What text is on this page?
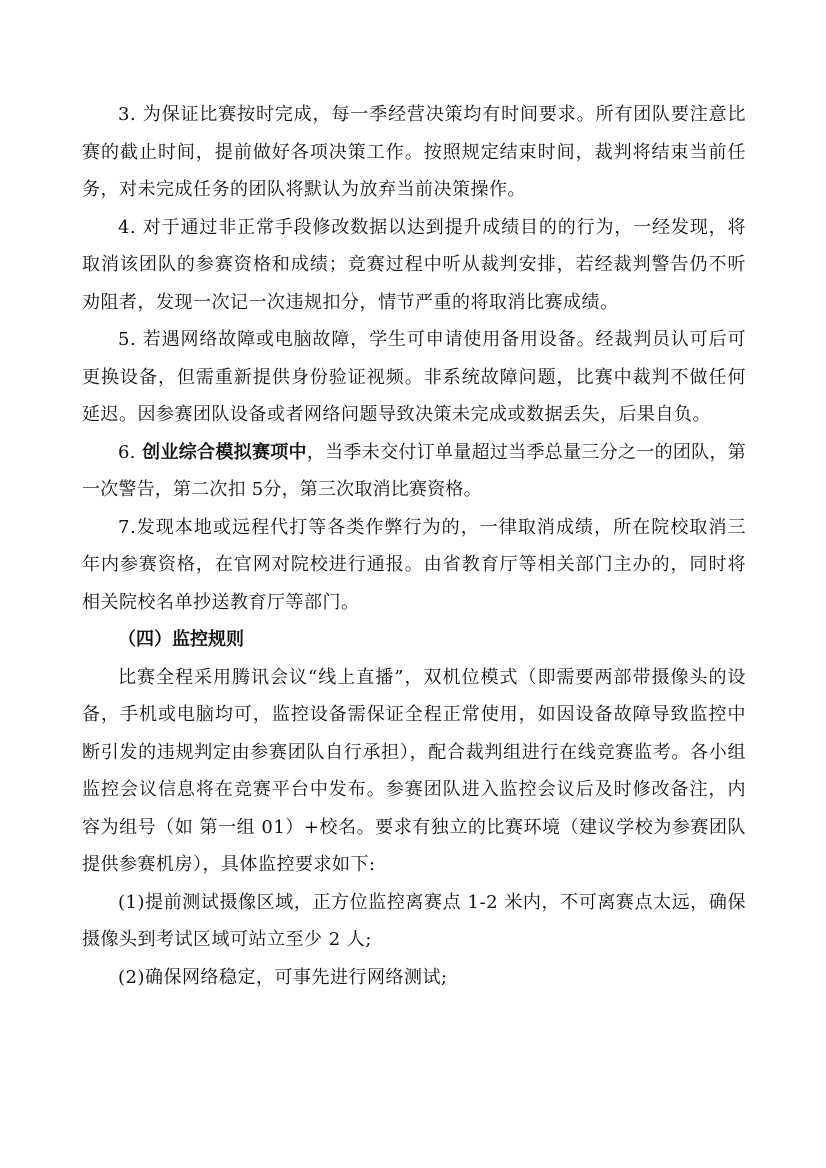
3. 为保证比赛按时完成，每一季经营决策均有时间要求。所有团队要注意比赛的截止时间，提前做好各项决策工作。按照规定结束时间，裁判将结束当前任务，对未完成任务的团队将默认为放弃当前决策操作。

4. 对于通过非正常手段修改数据以达到提升成绩目的的行为，一经发现，将取消该团队的参赛资格和成绩；竞赛过程中听从裁判安排，若经裁判警告仍不听劝阻者，发现一次记一次违规扣分，情节严重的将取消比赛成绩。

5. 若遇网络故障或电脑故障，学生可申请使用备用设备。经裁判员认可后可更换设备，但需重新提供身份验证视频。非系统故障问题，比赛中裁判不做任何延迟。因参赛团队设备或者网络问题导致决策未完成或数据丢失，后果自负。

6. 创业综合模拟赛项中，当季未交付订单量超过当季总量三分之一的团队，第一次警告，第二次扣 5分，第三次取消比赛资格。

7.发现本地或远程代打等各类作弊行为的，一律取消成绩，所在院校取消三年内参赛资格，在官网对院校进行通报。由省教育厅等相关部门主办的，同时将相关院校名单抄送教育厅等部门。

（四）监控规则

比赛全程采用腾讯会议“线上直播”，双机位模式（即需要两部带摄像头的设备，手机或电脑均可，监控设备需保证全程正常使用，如因设备故障导致监控中断引发的违规判定由参赛团队自行承担），配合裁判组进行在线竞赛监考。各小组监控会议信息将在竞赛平台中发布。参赛团队进入监控会议后及时修改备注，内容为组号（如 第一组 01）+校名。要求有独立的比赛环境（建议学校为参赛团队提供参赛机房），具体监控要求如下:

(1)提前测试摄像区域，正方位监控离赛点 1-2 米内，不可离赛点太远，确保摄像头到考试区域可站立至少 2 人;

(2)确保网络稳定，可事先进行网络测试;
